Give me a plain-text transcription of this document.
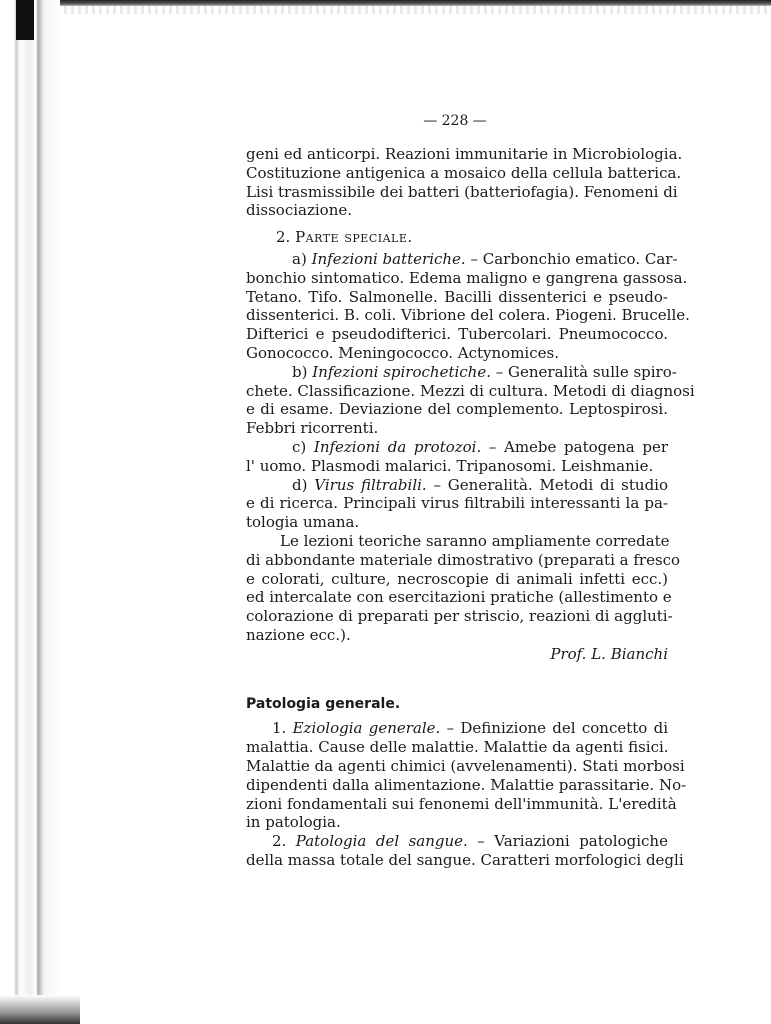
— 228 —
geni ed anticorpi. Reazioni immunitarie in Microbiologia.
Costituzione antigenica a mosaico della cellula batterica.
Lisi trasmissibile dei batteri (batteriofagia). Fenomeni di
dissociazione.
2. Parte speciale.
a) Infezioni batteriche. – Carbonchio ematico. Car-
bonchio sintomatico. Edema maligno e gangrena gassosa.
Tetano. Tifo. Salmonelle. Bacilli dissenterici e pseudo-
dissenterici. B. coli. Vibrione del colera. Piogeni. Brucelle.
Difterici e pseudodifterici. Tubercolari. Pneumococco.
Gonococco. Meningococco. Actynomices.
b) Infezioni spirochetiche. – Generalità sulle spiro-
chete. Classificazione. Mezzi di cultura. Metodi di diagnosi
e di esame. Deviazione del complemento. Leptospirosi.
Febbri ricorrenti.
c) Infezioni da protozoi. – Amebe patogena per
l' uomo. Plasmodi malarici. Tripanosomi. Leishmanie.
d) Virus filtrabili. – Generalità. Metodi di studio
e di ricerca. Principali virus filtrabili interessanti la pa-
tologia umana.
Le lezioni teoriche saranno ampliamente corredate
di abbondante materiale dimostrativo (preparati a fresco
e colorati, culture, necroscopie di animali infetti ecc.)
ed intercalate con esercitazioni pratiche (allestimento e
colorazione di preparati per striscio, reazioni di aggluti-
nazione ecc.).
Prof. L. Bianchi
Patologia generale.
1. Eziologia generale. – Definizione del concetto di
malattia. Cause delle malattie. Malattie da agenti fisici.
Malattie da agenti chimici (avvelenamenti). Stati morbosi
dipendenti dalla alimentazione. Malattie parassitarie. No-
zioni fondamentali sui fenonemi dell'immunità. L'eredità
in patologia.
2. Patologia del sangue. – Variazioni patologiche
della massa totale del sangue. Caratteri morfologici degli
